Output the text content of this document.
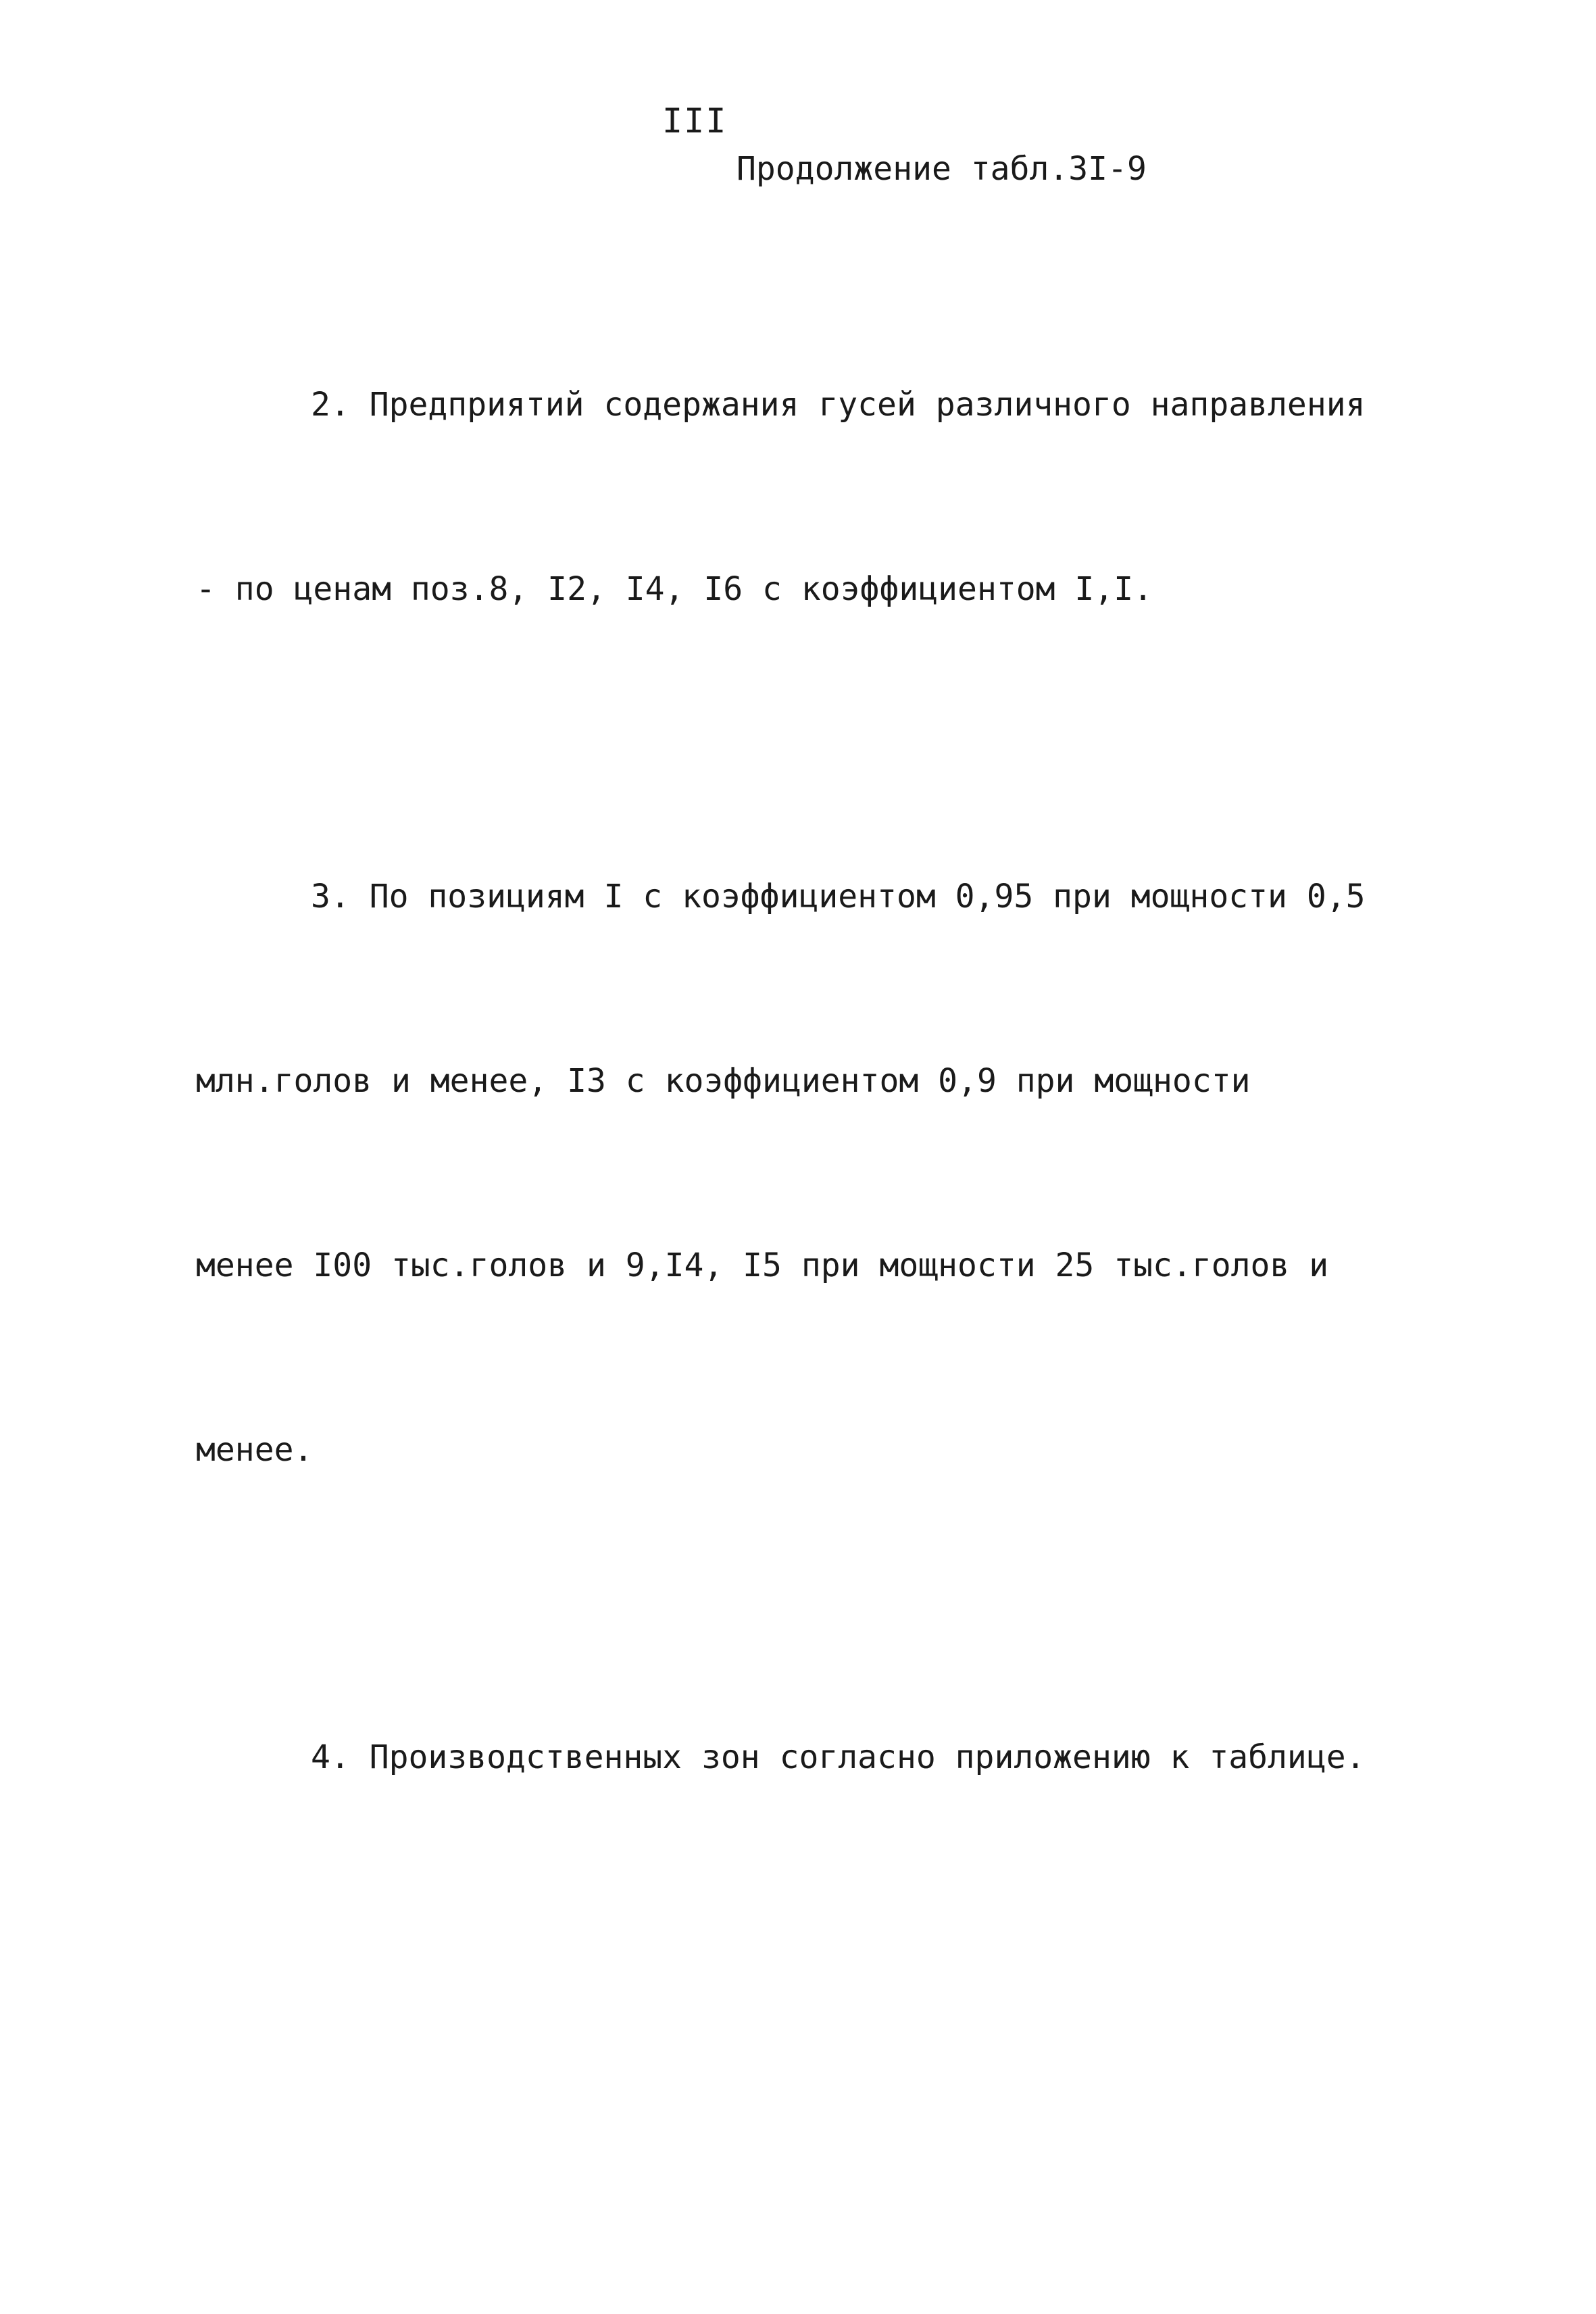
III
Продолжение табл.3I-9

2. Предприятий содержания гусей различного направления

- по ценам поз.8, I2, I4, I6 с коэффициентом I,I.

3. По позициям I с коэффициентом 0,95 при мощности 0,5

млн.голов и менее, I3 с коэффициентом 0,9 при мощности

менее I00 тыс.голов и 9,I4, I5 при мощности 25 тыс.голов и

менее.

4. Производственных зон согласно приложению к таблице.
